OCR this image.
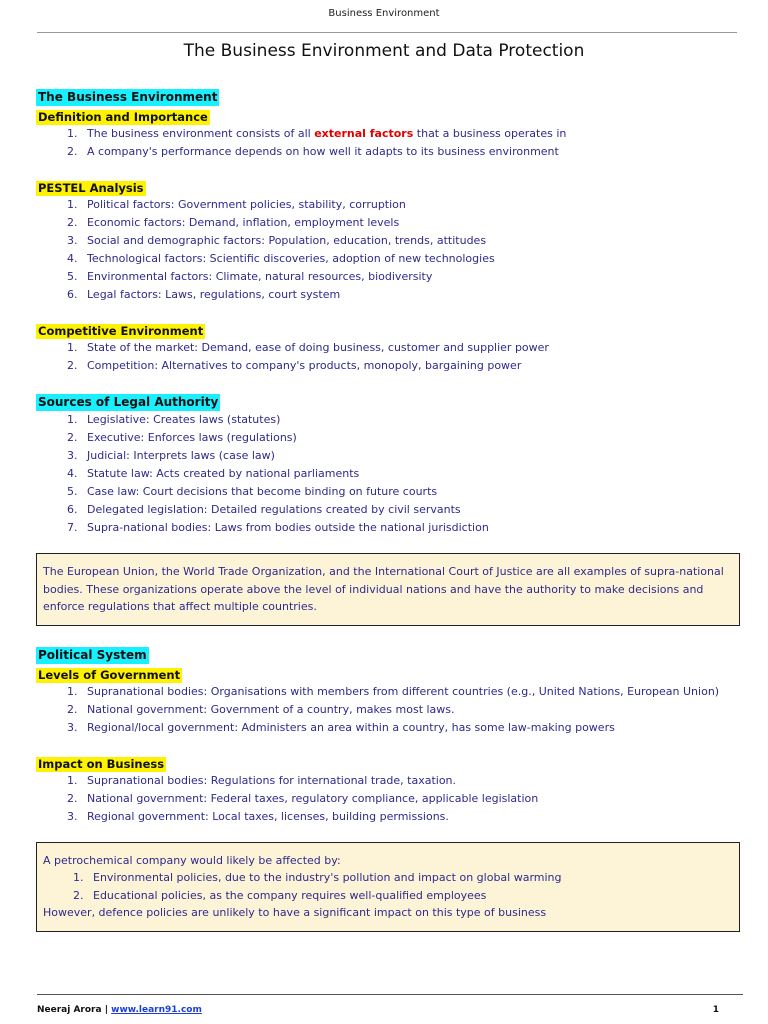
Business Environment
The Business Environment and Data Protection
The Business Environment
Definition and Importance
1. The business environment consists of all external factors that a business operates in
2. A company's performance depends on how well it adapts to its business environment
PESTEL Analysis
1. Political factors: Government policies, stability, corruption
2. Economic factors: Demand, inflation, employment levels
3. Social and demographic factors: Population, education, trends, attitudes
4. Technological factors: Scientific discoveries, adoption of new technologies
5. Environmental factors: Climate, natural resources, biodiversity
6. Legal factors: Laws, regulations, court system
Competitive Environment
1. State of the market: Demand, ease of doing business, customer and supplier power
2. Competition: Alternatives to company's products, monopoly, bargaining power
Sources of Legal Authority
1. Legislative: Creates laws (statutes)
2. Executive: Enforces laws (regulations)
3. Judicial: Interprets laws (case law)
4. Statute law: Acts created by national parliaments
5. Case law: Court decisions that become binding on future courts
6. Delegated legislation: Detailed regulations created by civil servants
7. Supra-national bodies: Laws from bodies outside the national jurisdiction
The European Union, the World Trade Organization, and the International Court of Justice are all examples of supra-national bodies. These organizations operate above the level of individual nations and have the authority to make decisions and enforce regulations that affect multiple countries.
Political System
Levels of Government
1. Supranational bodies: Organisations with members from different countries (e.g., United Nations, European Union)
2. National government: Government of a country, makes most laws.
3. Regional/local government: Administers an area within a country, has some law-making powers
Impact on Business
1. Supranational bodies: Regulations for international trade, taxation.
2. National government: Federal taxes, regulatory compliance, applicable legislation
3. Regional government: Local taxes, licenses, building permissions.
A petrochemical company would likely be affected by:
1. Environmental policies, due to the industry's pollution and impact on global warming
2. Educational policies, as the company requires well-qualified employees
However, defence policies are unlikely to have a significant impact on this type of business
Neeraj Arora | www.learn91.com	1
